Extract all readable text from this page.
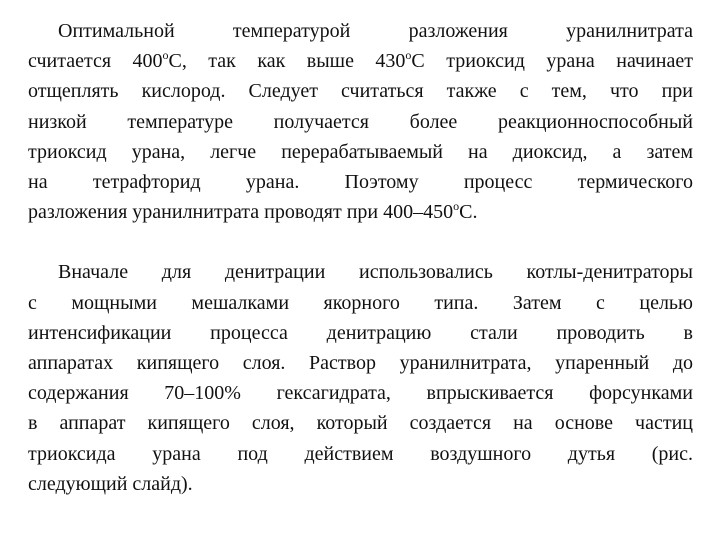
Оптимальной температурой разложения уранилнитрата
считается $400^оС$, так как выше $430^оС$ триоксид урана начинает
отщеплять кислород. Следует считаться также с тем, что при
низкой температуре получается более реакционноспособный
триоксид урана, легче перерабатываемый на диоксид, а затем
на тетрафторид урана. Поэтому процесс термического
разложения уранилнитрата проводят при $400-450^оС$.
Вначале для денитрации использовались котлы-денитраторы
с мощными мешалками якорного типа. Затем с целью
интенсификации процесса денитрацию стали проводить в
аппаратах кипящего слоя. Раствор уранилнитрата, упаренный до
содержания 70–100% гексагидрата, впрыскивается форсунками
в аппарат кипящего слоя, который создается на основе частиц
триоксида урана под действием воздушного дутья (рис.
следующий слайд).
